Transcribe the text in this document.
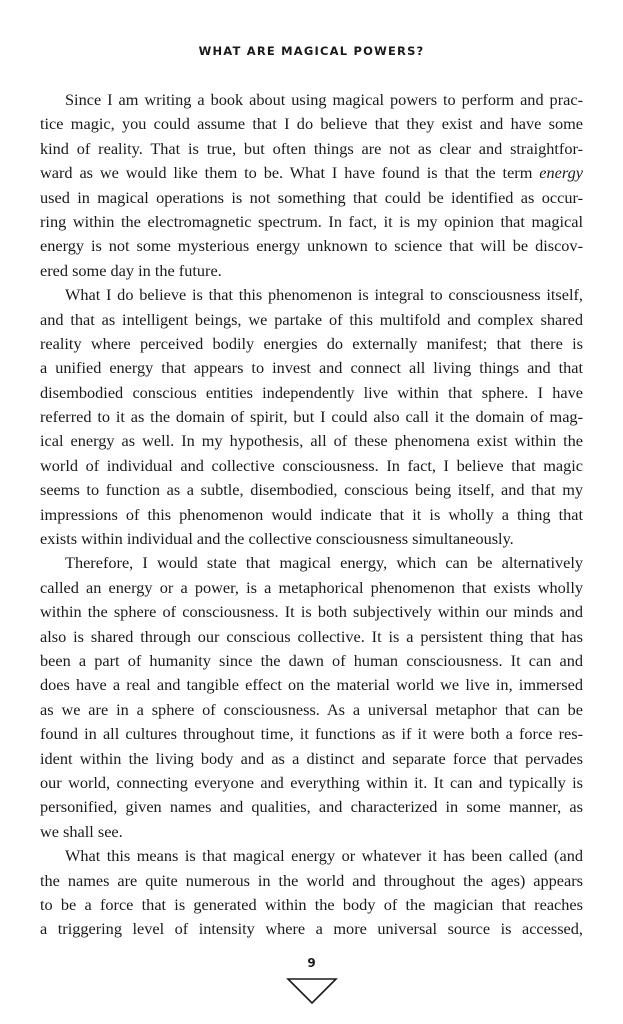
WHAT ARE MAGICAL POWERS?
Since I am writing a book about using magical powers to perform and prac-
tice magic, you could assume that I do believe that they exist and have some
kind of reality. That is true, but often things are not as clear and straightfor-
ward as we would like them to be. What I have found is that the term energy
used in magical operations is not something that could be identified as occur-
ring within the electromagnetic spectrum. In fact, it is my opinion that magical
energy is not some mysterious energy unknown to science that will be discov-
ered some day in the future.
What I do believe is that this phenomenon is integral to consciousness itself,
and that as intelligent beings, we partake of this multifold and complex shared
reality where perceived bodily energies do externally manifest; that there is
a unified energy that appears to invest and connect all living things and that
disembodied conscious entities independently live within that sphere. I have
referred to it as the domain of spirit, but I could also call it the domain of mag-
ical energy as well. In my hypothesis, all of these phenomena exist within the
world of individual and collective consciousness. In fact, I believe that magic
seems to function as a subtle, disembodied, conscious being itself, and that my
impressions of this phenomenon would indicate that it is wholly a thing that
exists within individual and the collective consciousness simultaneously.
Therefore, I would state that magical energy, which can be alternatively
called an energy or a power, is a metaphorical phenomenon that exists wholly
within the sphere of consciousness. It is both subjectively within our minds and
also is shared through our conscious collective. It is a persistent thing that has
been a part of humanity since the dawn of human consciousness. It can and
does have a real and tangible effect on the material world we live in, immersed
as we are in a sphere of consciousness. As a universal metaphor that can be
found in all cultures throughout time, it functions as if it were both a force res-
ident within the living body and as a distinct and separate force that pervades
our world, connecting everyone and everything within it. It can and typically is
personified, given names and qualities, and characterized in some manner, as
we shall see.
What this means is that magical energy or whatever it has been called (and
the names are quite numerous in the world and throughout the ages) appears
to be a force that is generated within the body of the magician that reaches
a triggering level of intensity where a more universal source is accessed,
9
